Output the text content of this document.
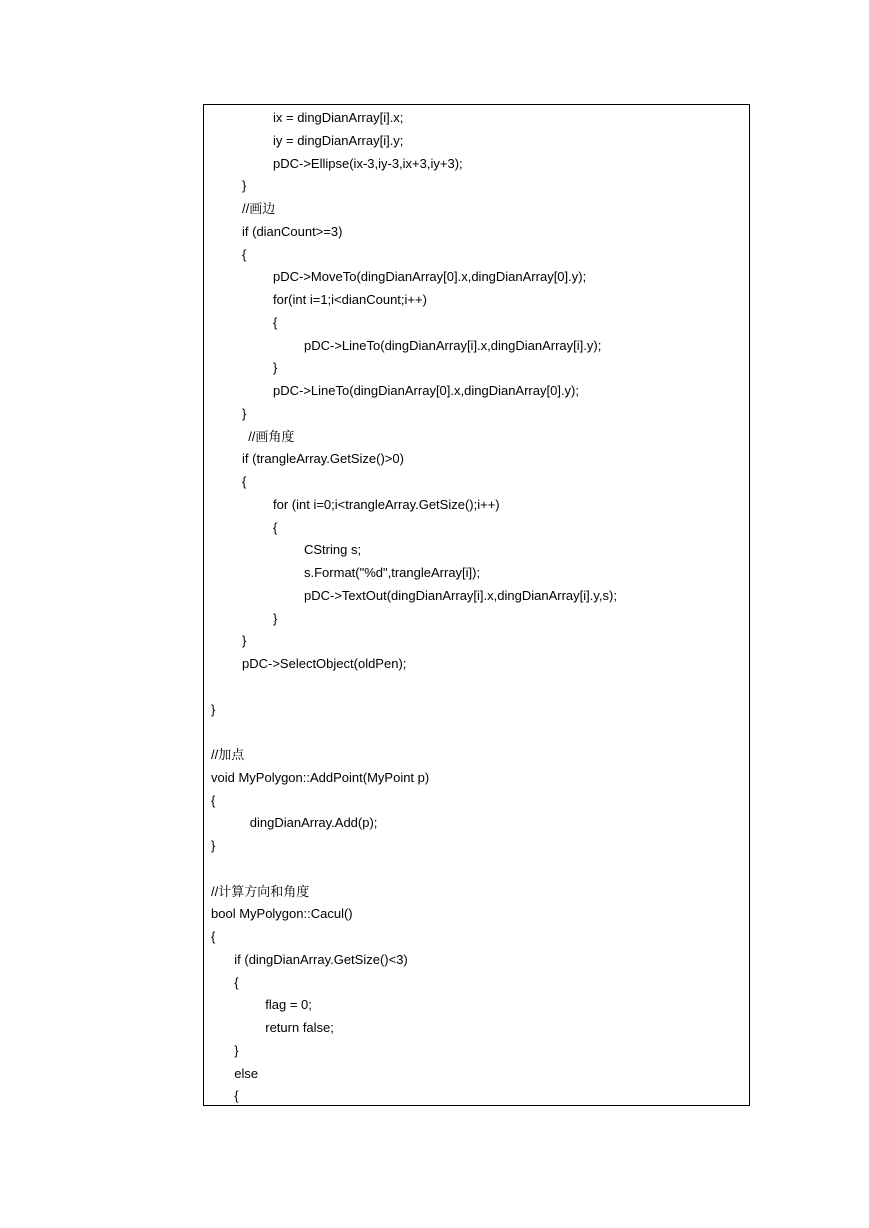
ix = dingDianArray[i].x;
iy = dingDianArray[i].y;
pDC->Ellipse(ix-3,iy-3,ix+3,iy+3);
}
//画边
if (dianCount>=3)
{
pDC->MoveTo(dingDianArray[0].x,dingDianArray[0].y);
for(int i=1;i<dianCount;i++)
{
pDC->LineTo(dingDianArray[i].x,dingDianArray[i].y);
}
pDC->LineTo(dingDianArray[0].x,dingDianArray[0].y);
}
//画角度
if (trangleArray.GetSize()>0)
{
for (int i=0;i<trangleArray.GetSize();i++)
{
CString s;
s.Format("%d",trangleArray[i]);
pDC->TextOut(dingDianArray[i].x,dingDianArray[i].y,s);
}
}
pDC->SelectObject(oldPen);
}
//加点
void MyPolygon::AddPoint(MyPoint p)
{
dingDianArray.Add(p);
}
//计算方向和角度
bool MyPolygon::Cacul()
{
if (dingDianArray.GetSize()<3)
{
flag = 0;
return false;
}
else
{
